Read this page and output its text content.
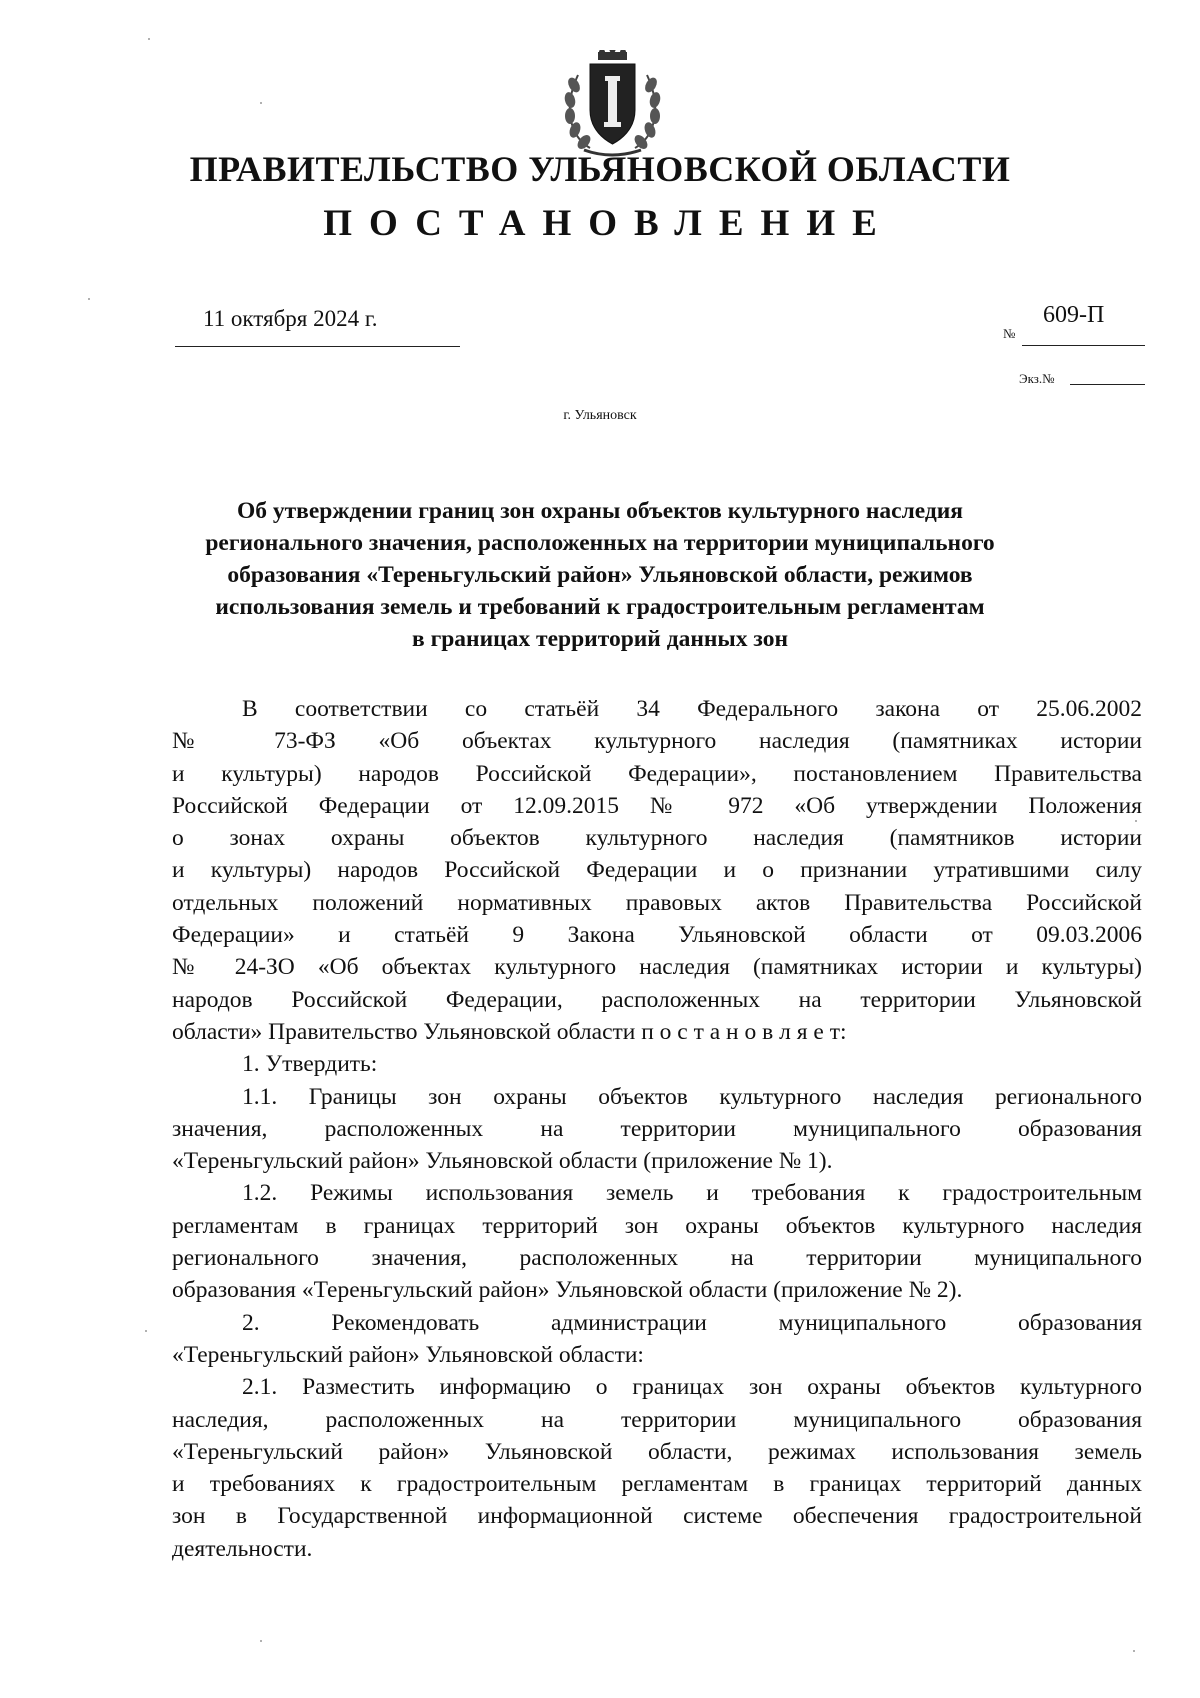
ПРАВИТЕЛЬСТВО УЛЬЯНОВСКОЙ ОБЛАСТИ
ПОСТАНОВЛЕНИЕ
11 октября 2024 г.
№
609-П
Экз.№
г. Ульяновск
Об утверждении границ зон охраны объектов культурного наследия
регионального значения, расположенных на территории муниципального
образования «Тереньгульский район» Ульяновской области, режимов
использования земель и требований к градостроительным регламентам
в границах территорий данных зон
В соответствии со статьёй 34 Федерального закона от 25.06.2002
№ 73-ФЗ «Об объектах культурного наследия (памятниках истории
и культуры) народов Российской Федерации», постановлением Правительства
Российской Федерации от 12.09.2015 № 972 «Об утверждении Положения
о зонах охраны объектов культурного наследия (памятников истории
и культуры) народов Российской Федерации и о признании утратившими силу
отдельных положений нормативных правовых актов Правительства Российской
Федерации» и статьёй 9 Закона Ульяновской области от 09.03.2006
№ 24-ЗО «Об объектах культурного наследия (памятниках истории и культуры)
народов Российской Федерации, расположенных на территории Ульяновской
области» Правительство Ульяновской области п о с т а н о в л я е т:
1. Утвердить:
1.1. Границы зон охраны объектов культурного наследия регионального
значения, расположенных на территории муниципального образования
«Тереньгульский район» Ульяновской области (приложение № 1).
1.2. Режимы использования земель и требования к градостроительным
регламентам в границах территорий зон охраны объектов культурного наследия
регионального значения, расположенных на территории муниципального
образования «Тереньгульский район» Ульяновской области (приложение № 2).
2. Рекомендовать администрации муниципального образования
«Тереньгульский район» Ульяновской области:
2.1. Разместить информацию о границах зон охраны объектов культурного
наследия, расположенных на территории муниципального образования
«Тереньгульский район» Ульяновской области, режимах использования земель
и требованиях к градостроительным регламентам в границах территорий данных
зон в Государственной информационной системе обеспечения градостроительной
деятельности.
